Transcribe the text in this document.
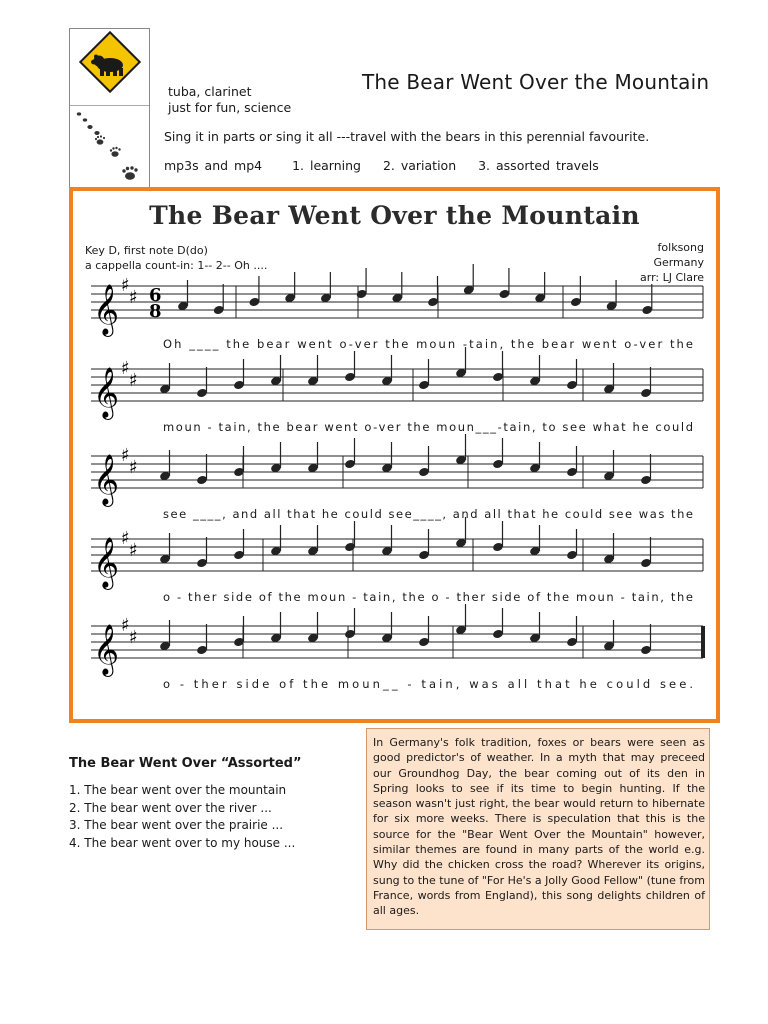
tuba, clarinet
just for fun, science
The Bear Went Over the Mountain
Sing it in parts or sing it all ---travel with the bears in this perennial favourite.
mp3s and mp4 1. learning 2. variation 3. assorted travels
The Bear Went Over the Mountain
Key D, first note D(do)
a cappella count-in: 1-- 2-- Oh ....
folksong
Germany
arr: LJ Clare
𝄞 ♯
♯ 6
8
Oh ____ the bear went o-ver the moun -tain, the bear went o-ver the
𝄞 ♯
♯
moun - tain, the bear went o-ver the moun___-tain, to see what he could
𝄞 ♯
♯
see ____, and all that he could see____, and all that he could see was the
𝄞 ♯
♯
o - ther side of the moun - tain, the o - ther side of the moun - tain, the
𝄞 ♯
♯
o - ther side of the moun__ - tain, was all that he could see.
The Bear Went Over “Assorted”
1. The bear went over the mountain
2. The bear went over the river ...
3. The bear went over the prairie ...
4. The bear went over to my house ...

In Germany's folk tradition, foxes or bears were seen as good predictor's of weather. In a myth that may preceed our Groundhog Day, the bear coming out of its den in Spring looks to see if its time to begin hunting. If the season wasn't just right, the bear would return to hibernate for six more weeks. There is speculation that this is the source for the "Bear Went Over the Mountain" however, similar themes are found in many parts of the world e.g. Why did the chicken cross the road? Wherever its origins, sung to the tune of "For He's a Jolly Good Fellow" (tune from France, words from England), this song delights children of all ages.
